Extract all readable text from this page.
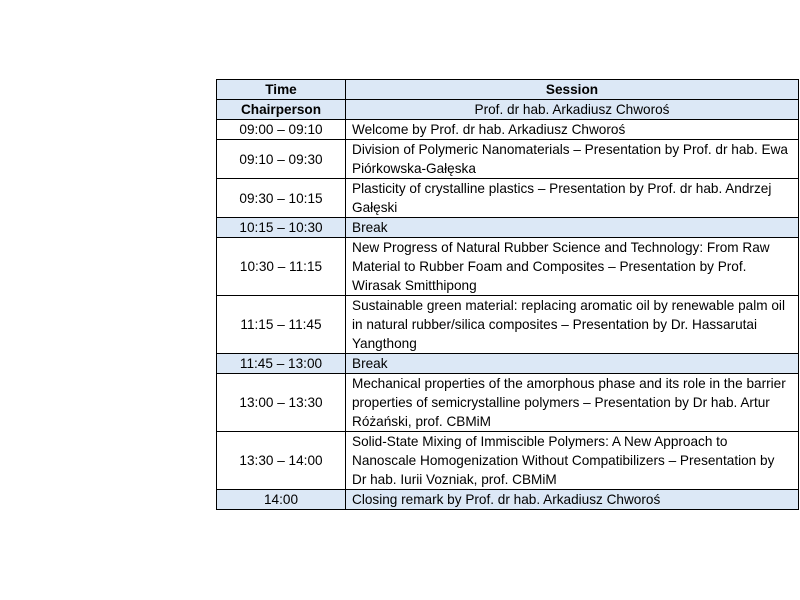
Time	Session
Chairperson	Prof. dr hab. Arkadiusz Chworoś
09:00 – 09:10	Welcome by Prof. dr hab. Arkadiusz Chworoś
09:10 – 09:30	Division of Polymeric Nanomaterials – Presentation by Prof. dr hab. Ewa Piórkowska-Gałęska
09:30 – 10:15	Plasticity of crystalline plastics – Presentation by Prof. dr hab. Andrzej Gałęski
10:15 – 10:30	Break
10:30 – 11:15	New Progress of Natural Rubber Science and Technology: From Raw Material to Rubber Foam and Composites – Presentation by Prof. Wirasak Smitthipong
11:15 – 11:45	Sustainable green material: replacing aromatic oil by renewable palm oil in natural rubber/silica composites – Presentation by Dr. Hassarutai Yangthong
11:45 – 13:00	Break
13:00 – 13:30	Mechanical properties of the amorphous phase and its role in the barrier properties of semicrystalline polymers – Presentation by Dr hab. Artur Różański, prof. CBMiM
13:30 – 14:00	Solid-State Mixing of Immiscible Polymers: A New Approach to Nanoscale Homogenization Without Compatibilizers – Presentation by Dr hab. Iurii Vozniak, prof. CBMiM
14:00	Closing remark by Prof. dr hab. Arkadiusz Chworoś
